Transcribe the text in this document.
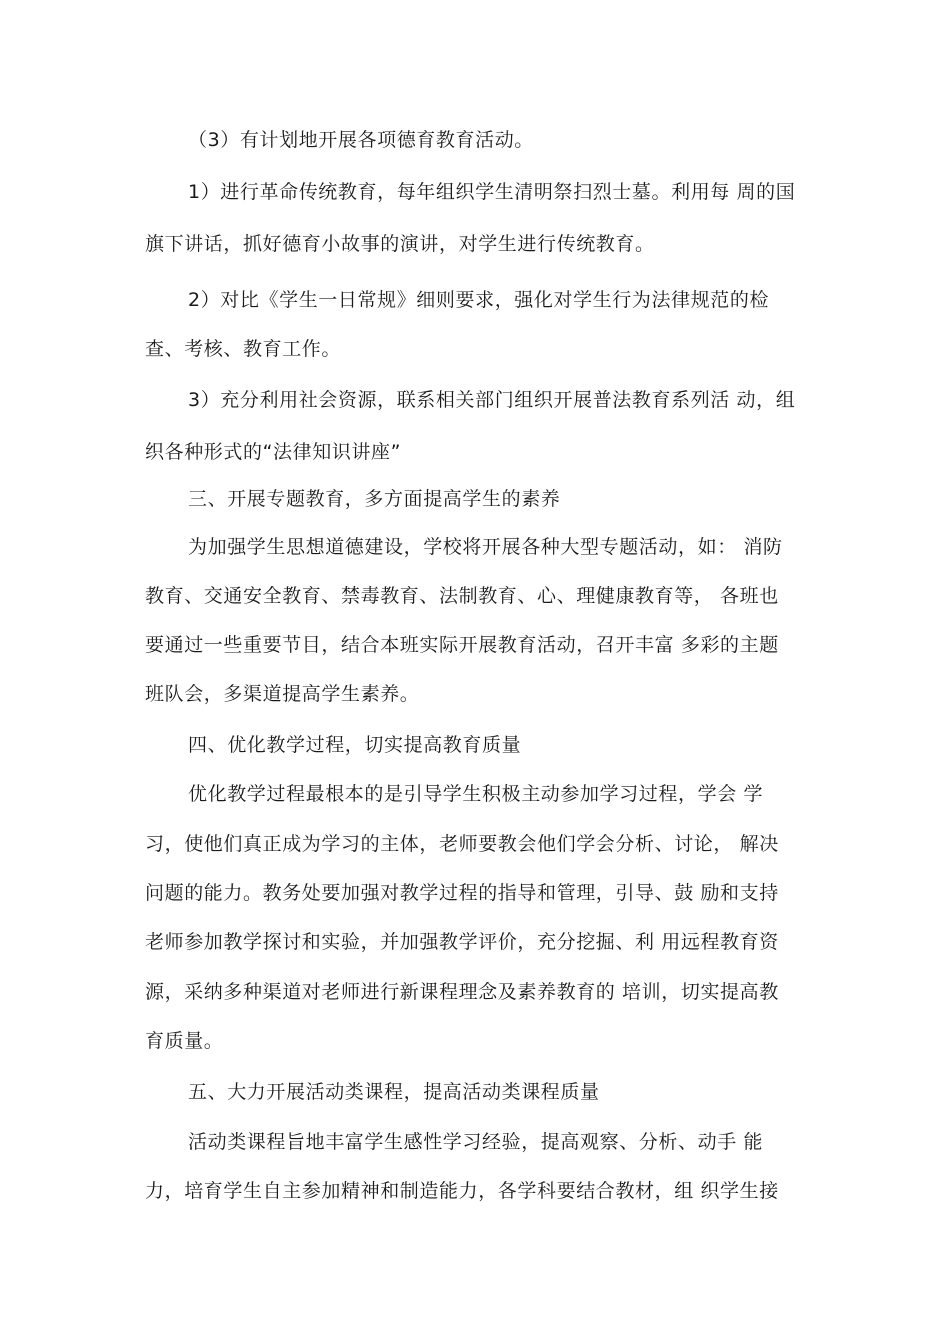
（3）有计划地开展各项德育教育活动。
1）进行革命传统教育，每年组织学生清明祭扫烈士墓。利用每 周的国
旗下讲话，抓好德育小故事的演讲，对学生进行传统教育。
2）对比《学生一日常规》细则要求，强化对学生行为法律规范的检
查、考核、教育工作。
3）充分利用社会资源，联系相关部门组织开展普法教育系列活 动，组
织各种形式的“法律知识讲座”
三、开展专题教育，多方面提高学生的素养
为加强学生思想道德建设，学校将开展各种大型专题活动，如： 消防
教育、交通安全教育、禁毒教育、法制教育、心、理健康教育等， 各班也
要通过一些重要节目，结合本班实际开展教育活动，召开丰富 多彩的主题
班队会，多渠道提高学生素养。
四、优化教学过程，切实提高教育质量
优化教学过程最根本的是引导学生积极主动参加学习过程，学会 学
习，使他们真正成为学习的主体，老师要教会他们学会分析、讨论， 解决
问题的能力。教务处要加强对教学过程的指导和管理，引导、鼓 励和支持
老师参加教学探讨和实验，并加强教学评价，充分挖掘、利 用远程教育资
源，采纳多种渠道对老师进行新课程理念及素养教育的 培训，切实提高教
育质量。
五、大力开展活动类课程，提高活动类课程质量
活动类课程旨地丰富学生感性学习经验，提高观察、分析、动手 能
力，培育学生自主参加精神和制造能力，各学科要结合教材，组 织学生接
